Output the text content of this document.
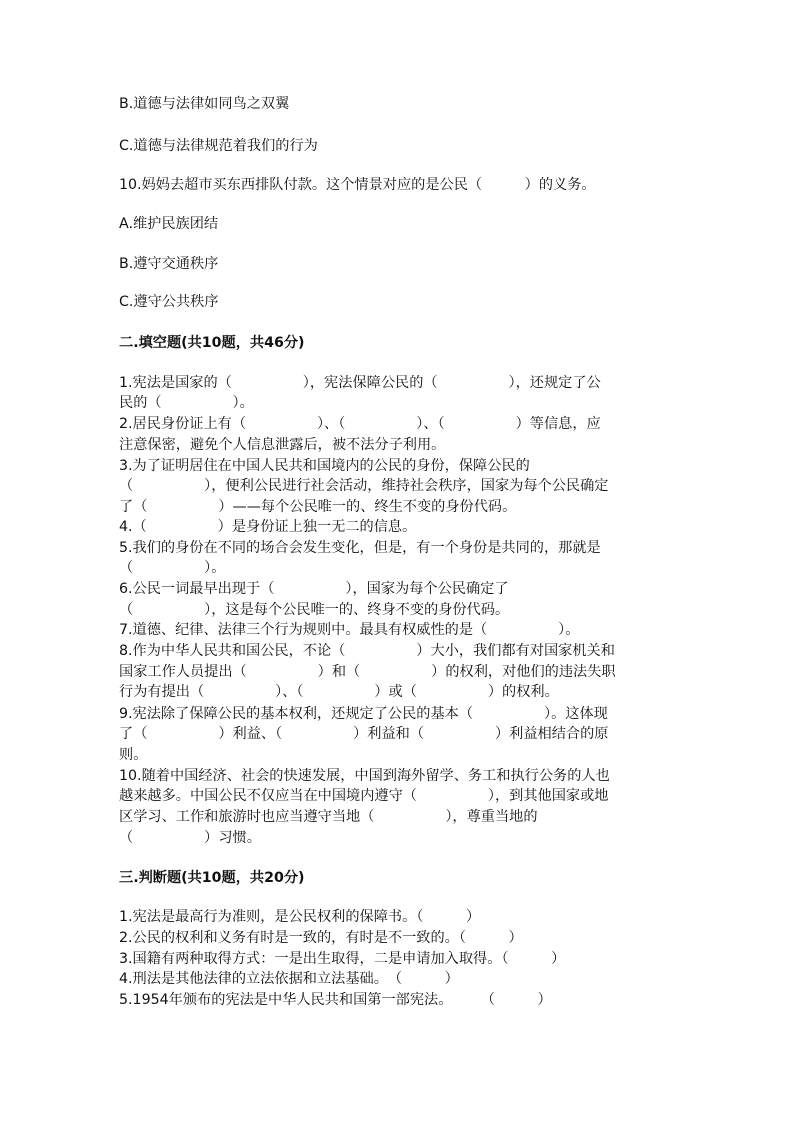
B.道德与法律如同鸟之双翼
C.道德与法律规范着我们的行为
10.妈妈去超市买东西排队付款。这个情景对应的是公民（　　　）的义务。
A.维护民族团结
B.遵守交通秩序
C.遵守公共秩序
二.填空题(共10题，共46分)
1.宪法是国家的（　　　　　），宪法保障公民的（　　　　　），还规定了公
民的（　　　　　）。
2.居民身份证上有（　　　　　）、（　　　　　）、（　　　　　）等信息，应
注意保密，避免个人信息泄露后，被不法分子利用。
3.为了证明居住在中国人民共和国境内的公民的身份，保障公民的
（　　　　　），便利公民进行社会活动，维持社会秩序，国家为每个公民确定
了（　　　　　）——每个公民唯一的、终生不变的身份代码。
4.（　　　　　）是身份证上独一无二的信息。
5.我们的身份在不同的场合会发生变化，但是，有一个身份是共同的，那就是
（　　　　　）。
6.公民一词最早出现于（　　　　　），国家为每个公民确定了
（　　　　　），这是每个公民唯一的、终身不变的身份代码。
7.道德、纪律、法律三个行为规则中。最具有权威性的是（　　　　　）。
8.作为中华人民共和国公民，不论（　　　　　）大小，我们都有对国家机关和
国家工作人员提出（　　　　　）和（　　　　　）的权利，对他们的违法失职
行为有提出（　　　　　）、（　　　　　）或（　　　　　）的权利。
9.宪法除了保障公民的基本权利，还规定了公民的基本（　　　　　）。这体现
了（　　　　　）利益、（　　　　　）利益和（　　　　　）利益相结合的原
则。
10.随着中国经济、社会的快速发展，中国到海外留学、务工和执行公务的人也
越来越多。中国公民不仅应当在中国境内遵守（　　　　　），到其他国家或地
区学习、工作和旅游时也应当遵守当地（　　　　　），尊重当地的
（　　　　　）习惯。
三.判断题(共10题，共20分)
1.宪法是最高行为准则，是公民权利的保障书。（　　　）
2.公民的权利和义务有时是一致的，有时是不一致的。（　　　）
3.国籍有两种取得方式：一是出生取得，二是申请加入取得。（　　　）
4.刑法是其他法律的立法依据和立法基础。　（　　　）
5.1954年颁布的宪法是中华人民共和国第一部宪法。　　　（　　　）
